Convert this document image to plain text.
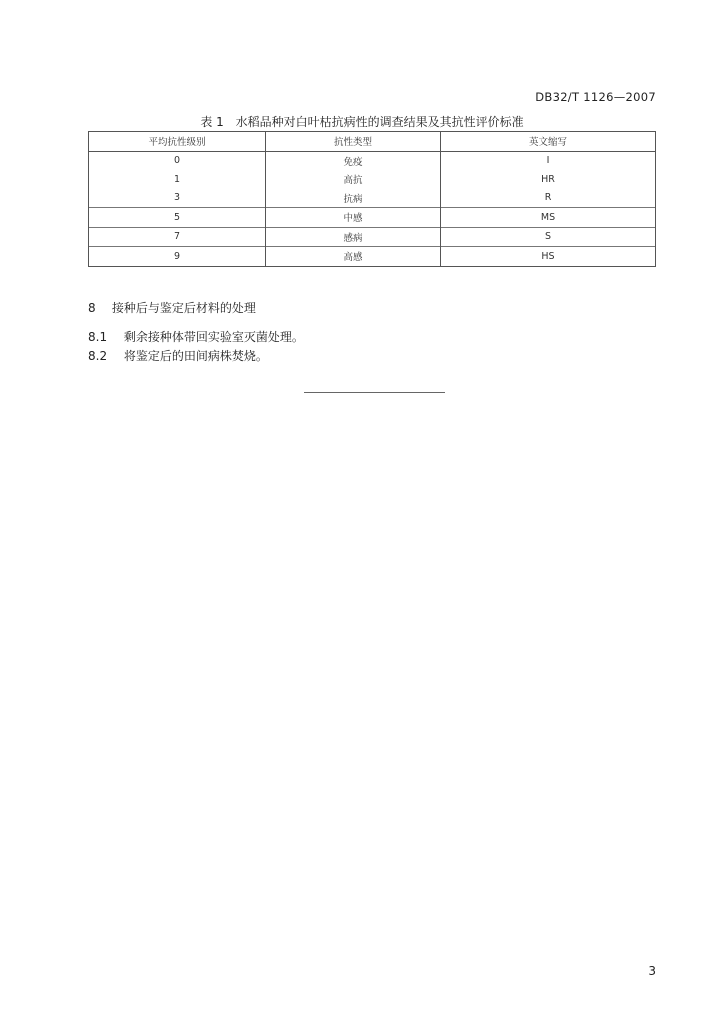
DB32/T 1126—2007
表 1 水稻品种对白叶枯抗病性的调查结果及其抗性评价标准
平均抗性级别	抗性类型	英文缩写
0	免疫	I
1	高抗	HR
3	抗病	R
5	中感	MS
7	感病	S
9	高感	HS
8 接种后与鉴定后材料的处理
8.1 剩余接种体带回实验室灭菌处理。
8.2 将鉴定后的田间病株焚烧。
3
